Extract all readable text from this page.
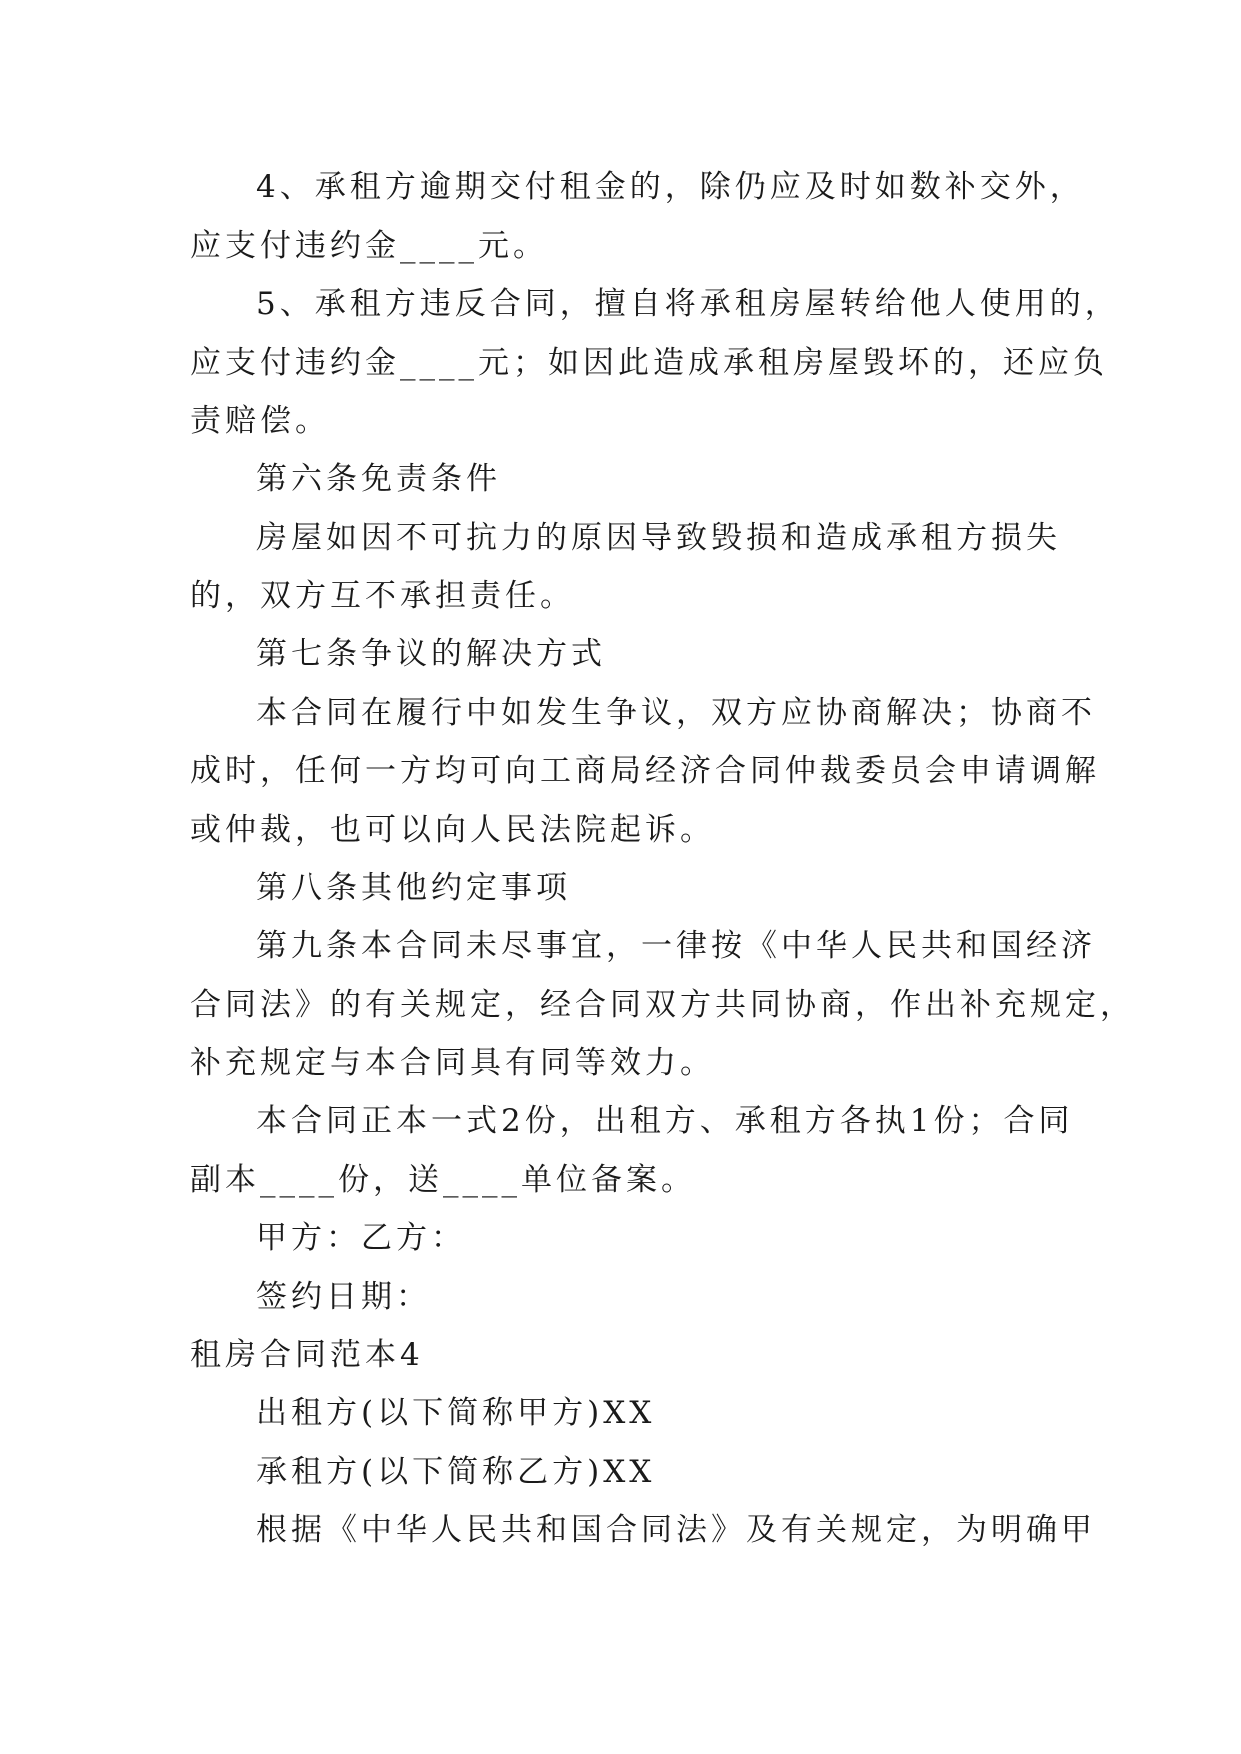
4、承租方逾期交付租金的，除仍应及时如数补交外，
应支付违约金____元。
5、承租方违反合同，擅自将承租房屋转给他人使用的，
应支付违约金____元；如因此造成承租房屋毁坏的，还应负
责赔偿。
第六条免责条件
房屋如因不可抗力的原因导致毁损和造成承租方损失
的，双方互不承担责任。
第七条争议的解决方式
本合同在履行中如发生争议，双方应协商解决；协商不
成时，任何一方均可向工商局经济合同仲裁委员会申请调解
或仲裁，也可以向人民法院起诉。
第八条其他约定事项
第九条本合同未尽事宜，一律按《中华人民共和国经济
合同法》的有关规定，经合同双方共同协商，作出补充规定，
补充规定与本合同具有同等效力。
本合同正本一式2份，出租方、承租方各执1份；合同
副本____份，送____单位备案。
甲方：乙方：
签约日期：
租房合同范本4
出租方(以下简称甲方)XX
承租方(以下简称乙方)XX
根据《中华人民共和国合同法》及有关规定，为明确甲
